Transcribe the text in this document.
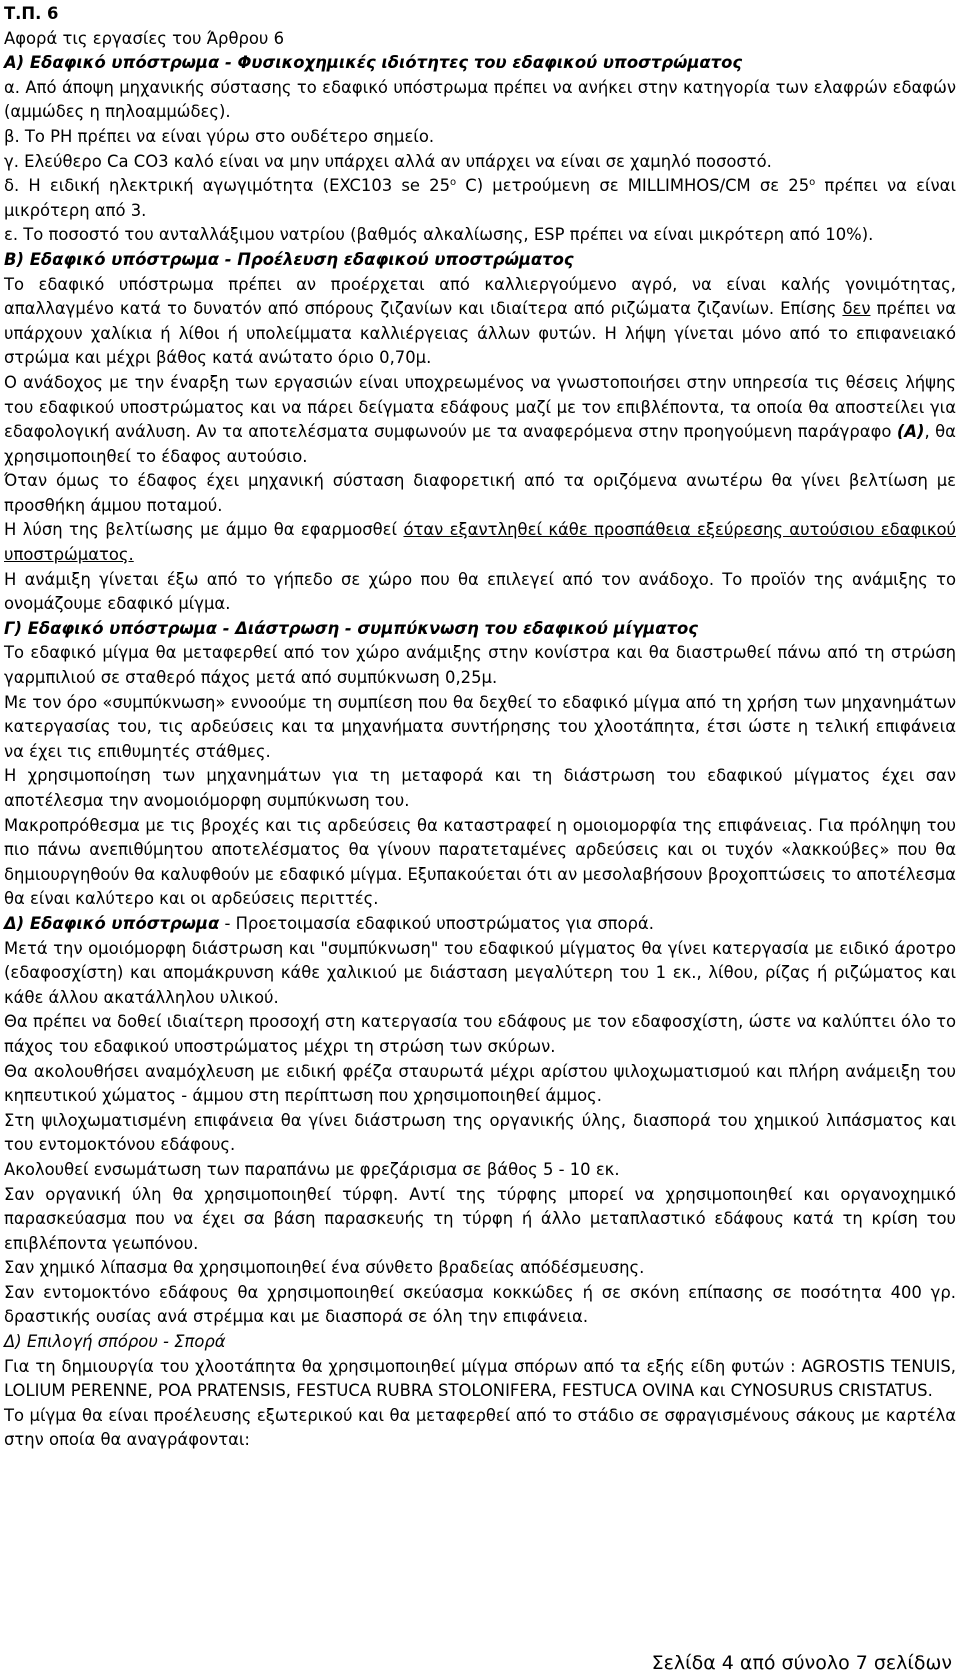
Τ.Π. 6

Αφορά τις εργασίες του Άρθρου 6

Α) Εδαφικό υπόστρωμα - Φυσικοχημικές ιδιότητες του εδαφικού υποστρώματος

α. Από άποψη μηχανικής σύστασης το εδαφικό υπόστρωμα πρέπει να ανήκει στην κατηγορία των ελαφρών εδαφών (αμμώδες η πηλοαμμώδες).

β. Το PH πρέπει να είναι γύρω στο ουδέτερο σημείο.

γ. Ελεύθερο Ca CO3 καλό είναι να μην υπάρχει αλλά αν υπάρχει να είναι σε χαμηλό ποσοστό.

δ. Η ειδική ηλεκτρική αγωγιμότητα (EXC103 se 25$^o$ C) μετρούμενη σε MILLIMHOS/CM σε 25$^o$ πρέπει να είναι μικρότερη από 3.

ε. Το ποσοστό του ανταλλάξιμου νατρίου (βαθμός αλκαλίωσης, ESP πρέπει να είναι μικρότερη από 10%).

Β) Εδαφικό υπόστρωμα - Προέλευση εδαφικού υποστρώματος

Το εδαφικό υπόστρωμα πρέπει αν προέρχεται από καλλιεργούμενο αγρό, να είναι καλής γονιμότητας, απαλλαγμένο κατά το δυνατόν από σπόρους ζιζανίων και ιδιαίτερα από ριζώματα ζιζανίων. Επίσης δεν πρέπει να υπάρχουν χαλίκια ή λίθοι ή υπολείμματα καλλιέργειας άλλων φυτών. Η λήψη γίνεται μόνο από το επιφανειακό στρώμα και μέχρι βάθος κατά ανώτατο όριο 0,70μ.

Ο ανάδοχος με την έναρξη των εργασιών είναι υποχρεωμένος να γνωστοποιήσει στην υπηρεσία τις θέσεις λήψης του εδαφικού υποστρώματος και να πάρει δείγματα εδάφους μαζί με τον επιβλέποντα, τα οποία θα αποστείλει για εδαφολογική ανάλυση. Αν τα αποτελέσματα συμφωνούν με τα αναφερόμενα στην προηγούμενη παράγραφο (Α), θα χρησιμοποιηθεί το έδαφος αυτούσιο.

Όταν όμως το έδαφος έχει μηχανική σύσταση διαφορετική από τα οριζόμενα ανωτέρω θα γίνει βελτίωση με προσθήκη άμμου ποταμού.

Η λύση της βελτίωσης με άμμο θα εφαρμοσθεί όταν εξαντληθεί κάθε προσπάθεια εξεύρεσης αυτούσιου εδαφικού υποστρώματος.

Η ανάμιξη γίνεται έξω από το γήπεδο σε χώρο που θα επιλεγεί από τον ανάδοχο. Το προϊόν της ανάμιξης το ονομάζουμε εδαφικό μίγμα.

Γ) Εδαφικό υπόστρωμα - Διάστρωση - συμπύκνωση του εδαφικού μίγματος

Το εδαφικό μίγμα θα μεταφερθεί από τον χώρο ανάμιξης στην κονίστρα και θα διαστρωθεί πάνω από τη στρώση γαρμπιλιού σε σταθερό πάχος μετά από συμπύκνωση 0,25μ.

Με τον όρο «συμπύκνωση» εννοούμε τη συμπίεση που θα δεχθεί το εδαφικό μίγμα από τη χρήση των μηχανημάτων κατεργασίας του, τις αρδεύσεις και τα μηχανήματα συντήρησης του χλοοτάπητα, έτσι ώστε η τελική επιφάνεια να έχει τις επιθυμητές στάθμες.

Η χρησιμοποίηση των μηχανημάτων για τη μεταφορά και τη διάστρωση του εδαφικού μίγματος έχει σαν αποτέλεσμα την ανομοιόμορφη συμπύκνωση του.

Μακροπρόθεσμα με τις βροχές και τις αρδεύσεις θα καταστραφεί η ομοιομορφία της επιφάνειας. Για πρόληψη του πιο πάνω ανεπιθύμητου αποτελέσματος θα γίνουν παρατεταμένες αρδεύσεις και οι τυχόν «λακκούβες» που θα δημιουργηθούν θα καλυφθούν με εδαφικό μίγμα. Εξυπακούεται ότι αν μεσολαβήσουν βροχοπτώσεις το αποτέλεσμα θα είναι καλύτερο και οι αρδεύσεις περιττές.

Δ) Εδαφικό υπόστρωμα - Προετοιμασία εδαφικού υποστρώματος για σπορά.

Μετά την ομοιόμορφη διάστρωση και "συμπύκνωση" του εδαφικού μίγματος θα γίνει κατεργασία με ειδικό άροτρο (εδαφοσχίστη) και απομάκρυνση κάθε χαλικιού με διάσταση μεγαλύτερη του 1 εκ., λίθου, ρίζας ή ριζώματος και κάθε άλλου ακατάλληλου υλικού.

Θα πρέπει να δοθεί ιδιαίτερη προσοχή στη κατεργασία του εδάφους με τον εδαφοσχίστη, ώστε να καλύπτει όλο το πάχος του εδαφικού υποστρώματος μέχρι τη στρώση των σκύρων.

Θα ακολουθήσει αναμόχλευση με ειδική φρέζα σταυρωτά μέχρι αρίστου ψιλοχωματισμού και πλήρη ανάμειξη του κηπευτικού χώματος - άμμου στη περίπτωση που χρησιμοποιηθεί άμμος.

Στη ψιλοχωματισμένη επιφάνεια θα γίνει διάστρωση της οργανικής ύλης, διασπορά του χημικού λιπάσματος και του εντομοκτόνου εδάφους.

Ακολουθεί ενσωμάτωση των παραπάνω με φρεζάρισμα σε βάθος 5 - 10 εκ.

Σαν οργανική ύλη θα χρησιμοποιηθεί τύρφη. Αντί της τύρφης μπορεί να χρησιμοποιηθεί και οργανοχημικό παρασκεύασμα που να έχει σα βάση παρασκευής τη τύρφη ή άλλο μεταπλαστικό εδάφους κατά τη κρίση του επιβλέποντα γεωπόνου.

Σαν χημικό λίπασμα θα χρησιμοποιηθεί ένα σύνθετο βραδείας απόδέσμευσης.

Σαν εντομοκτόνο εδάφους θα χρησιμοποιηθεί σκεύασμα κοκκώδες ή σε σκόνη επίπασης σε ποσότητα 400 γρ. δραστικής ουσίας ανά στρέμμα και με διασπορά σε όλη την επιφάνεια.

Δ) Επιλογή σπόρου - Σπορά

Για τη δημιουργία του χλοοτάπητα θα χρησιμοποιηθεί μίγμα σπόρων από τα εξής είδη φυτών : AGROSTIS TENUIS, LOLIUM PERENNE, POA PRATENSIS, FESTUCA RUBRA STOLONIFERA, FESTUCA OVINA και CYNOSURUS CRISTATUS.

Το μίγμα θα είναι προέλευσης εξωτερικού και θα μεταφερθεί από το στάδιο σε σφραγισμένους σάκους με καρτέλα στην οποία θα αναγράφονται:

Σελίδα 4 από σύνολο 7 σελίδων
